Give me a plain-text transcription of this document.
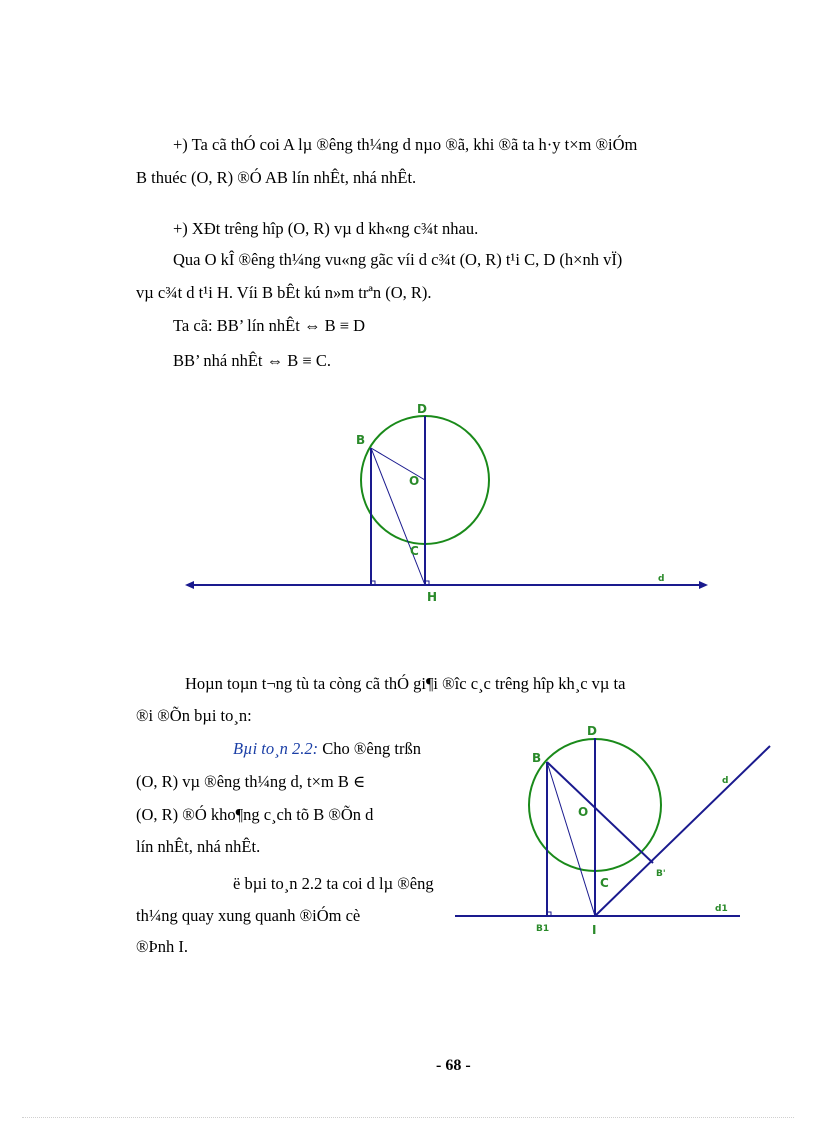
+) Ta cã thÓ coi A lµ ®êng th¼ng d nµo ®ã, khi ®ã ta h·y t×m ®iÓm
B thuéc (O, R) ®Ó AB lín nhÊt, nhá nhÊt.
+) XÐt trêng hîp (O, R) vµ d kh«ng c¾t nhau.
Qua O kÎ ®êng th¼ng vu«ng gãc víi d c¾t (O, R) t¹i C, D (h×nh vÏ)
vµ c¾t d t¹i H. Víi B bÊt kú n»m trªn (O, R).
Ta cã: BB’ lín nhÊt ⇔ B ≡ D
BB’ nhá nhÊt ⇔ B ≡ C.
Hoµn toµn t¬ng tù ta còng cã thÓ gi¶i ®îc c¸c trêng hîp kh¸c vµ ta
®i ®Õn bµi to¸n:
Bµi to¸n 2.2: Cho ®êng trßn
(O, R) vµ ®êng th¼ng d, t×m B ∈
(O, R) ®Ó kho¶ng c¸ch tõ B ®Õn d
lín nhÊt, nhá nhÊt.
ë bµi to¸n 2.2 ta coi d lµ ®êng
th¼ng quay xung quanh ®iÓm cè
®Þnh I.
D
B
O
C
d
H
D
B
O
d
B'
C
d1
B1	I
- 68 -
